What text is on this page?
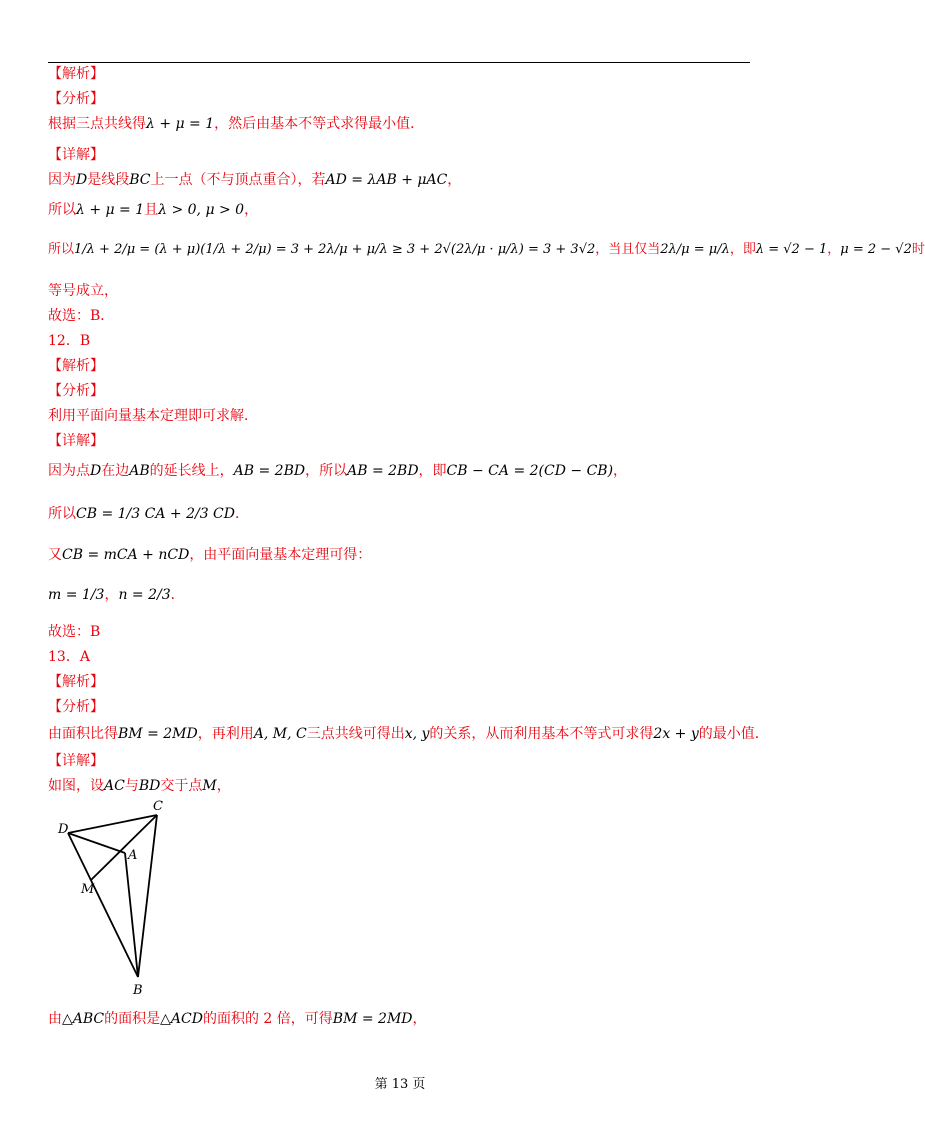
【解析】
【分析】
根据三点共线得λ + μ = 1，然后由基本不等式求得最小值．
【详解】
因为D是线段BC上一点（不与顶点重合），若AD = λAB + μAC，
所以λ + μ = 1且λ > 0, μ > 0，
所以1/λ + 2/μ = (λ + μ)(1/λ + 2/μ) = 3 + 2λ/μ + μ/λ ≥ 3 + 2√(2λ/μ · μ/λ) = 3 + 3√2，当且仅当2λ/μ = μ/λ，即λ = √2 − 1，μ = 2 − √2时
等号成立，
故选：B．
12．B
【解析】
【分析】
利用平面向量基本定理即可求解．
【详解】
因为点D在边AB的延长线上，AB = 2BD，所以AB = 2BD，即CB − CA = 2(CD − CB)，
所以CB = 1/3 CA + 2/3 CD．
又CB = mCA + nCD，由平面向量基本定理可得：
m = 1/3，n = 2/3．
故选：B
13．A
【解析】
【分析】
由面积比得BM = 2MD，再利用A, M, C三点共线可得出x, y的关系，从而利用基本不等式可求得2x + y的最小值．
【详解】
如图，设AC与BD交于点M，
C
D
A
M
B
由△ABC的面积是△ACD的面积的 2 倍，可得BM = 2MD，
第 13 页
